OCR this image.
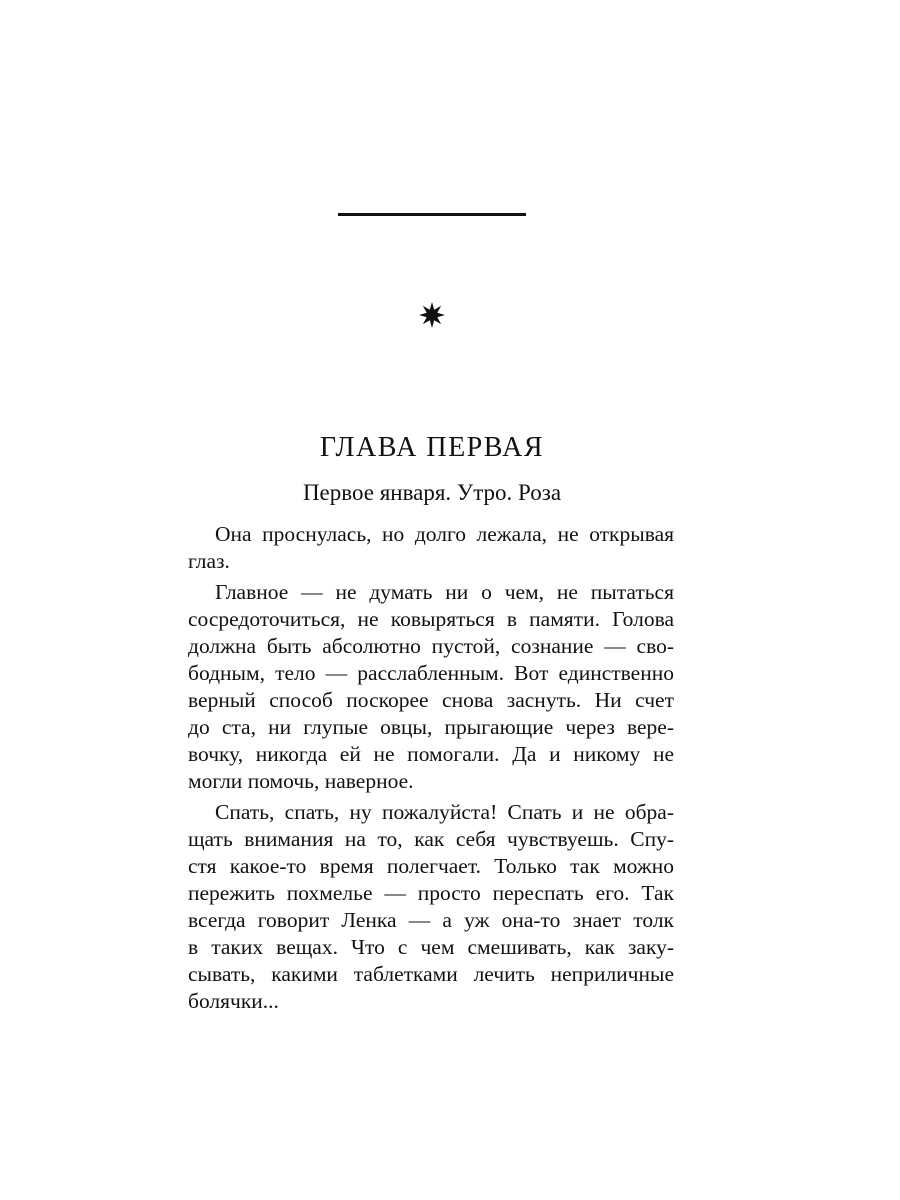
ГЛАВА ПЕРВАЯ
Первое января. Утро. Роза
Она проснулась, но долго лежала, не открывая
глаз.
Главное — не думать ни о чем, не пытаться
сосредоточиться, не ковыряться в памяти. Голова
должна быть абсолютно пустой, сознание — сво-
бодным, тело — расслабленным. Вот единственно
верный способ поскорее снова заснуть. Ни счет
до ста, ни глупые овцы, прыгающие через вере-
вочку, никогда ей не помогали. Да и никому не
могли помочь, наверное.
Спать, спать, ну пожалуйста! Спать и не обра-
щать внимания на то, как себя чувствуешь. Спу-
стя какое-то время полегчает. Только так можно
пережить похмелье — просто переспать его. Так
всегда говорит Ленка — а уж она-то знает толк
в таких вещах. Что с чем смешивать, как заку-
сывать, какими таблетками лечить неприличные
болячки...
